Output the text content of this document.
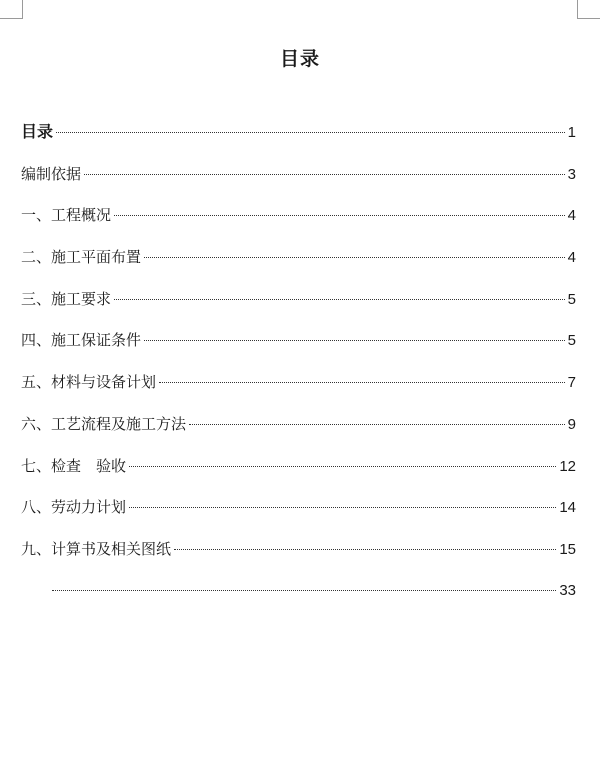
目录
目录	1
编制依据	3
一、工程概况	4
二、施工平面布置	4
三、施工要求	5
四、施工保证条件	5
五、材料与设备计划	7
六、工艺流程及施工方法	9
七、检查　验收	12
八、劳动力计划	14
九、计算书及相关图纸	15
33
